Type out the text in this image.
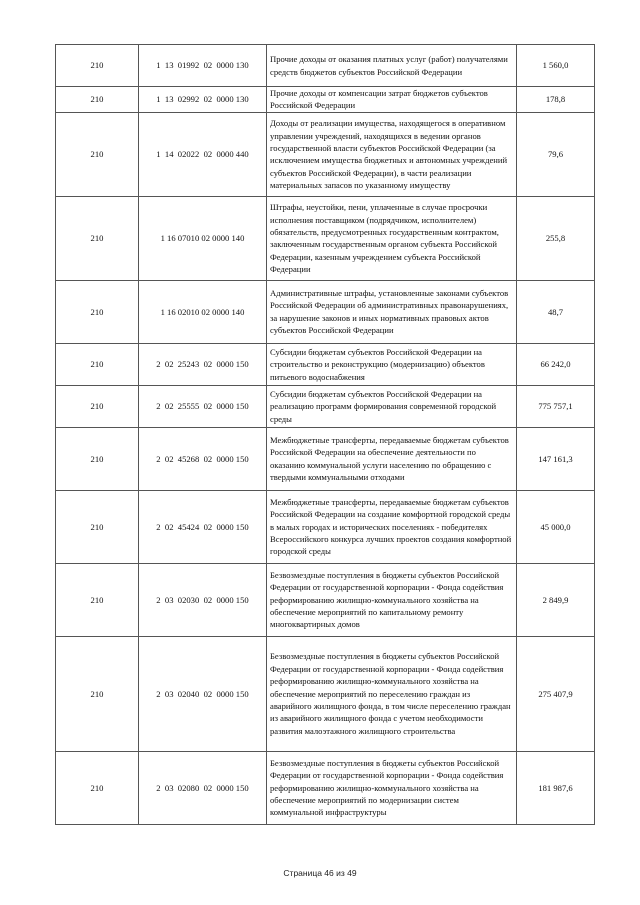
210	1  13  01992  02  0000 130	Прочие доходы от оказания платных услуг (работ) получателями средств бюджетов субъектов Российской Федерации	1 560,0
210	1  13  02992  02  0000 130	Прочие доходы от компенсации затрат бюджетов субъектов Российской Федерации	178,8
210	1  14  02022  02  0000 440	Доходы от реализации имущества, находящегося в оперативном управлении учреждений, находящихся в ведении органов государственной власти субъектов Российской Федерации (за исключением имущества бюджетных и автономных учреждений субъектов Российской Федерации), в части реализации материальных запасов по указанному имуществу	79,6
210	1 16 07010 02 0000 140	Штрафы, неустойки, пени, уплаченные в случае просрочки исполнения поставщиком (подрядчиком, исполнителем) обязательств, предусмотренных государственным контрактом, заключенным государственным органом субъекта Российской Федерации, казенным учреждением субъекта Российской Федерации	255,8
210	1 16 02010 02 0000 140	Административные штрафы, установленные законами субъектов Российской Федерации об административных правонарушениях, за нарушение законов и иных нормативных правовых актов субъектов Российской Федерации	48,7
210	2  02  25243  02  0000 150	Субсидии бюджетам субъектов Российской Федерации на строительство и реконструкцию (модернизацию) объектов питьевого водоснабжения	66 242,0
210	2  02  25555  02  0000 150	Субсидии бюджетам субъектов Российской Федерации на реализацию программ формирования современной городской среды	775 757,1
210	2  02  45268  02  0000 150	Межбюджетные трансферты, передаваемые бюджетам субъектов Российской Федерации на обеспечение деятельности по оказанию коммунальной услуги населению по обращению с твердыми коммунальными отходами	147 161,3
210	2  02  45424  02  0000 150	Межбюджетные трансферты, передаваемые бюджетам субъектов Российской Федерации на создание комфортной городской среды в малых городах и исторических поселениях - победителях Всероссийского конкурса лучших проектов создания комфортной городской среды	45 000,0
210	2  03  02030  02  0000 150	Безвозмездные поступления в бюджеты субъектов Российской Федерации от государственной корпорации - Фонда содействия реформированию жилищно-коммунального хозяйства на обеспечение мероприятий по капитальному ремонту многоквартирных домов	2 849,9
210	2  03  02040  02  0000 150	Безвозмездные поступления в бюджеты субъектов Российской Федерации от государственной корпорации - Фонда содействия реформированию жилищно-коммунального хозяйства на обеспечение мероприятий по переселению граждан из аварийного жилищного фонда, в том числе переселению граждан из аварийного жилищного фонда с учетом необходимости развития малоэтажного жилищного строительства	275 407,9
210	2  03  02080  02  0000 150	Безвозмездные поступления в бюджеты субъектов Российской Федерации от государственной корпорации - Фонда содействия реформированию жилищно-коммунального хозяйства на обеспечение мероприятий по модернизации систем коммунальной инфраструктуры	181 987,6
Страница 46 из 49
